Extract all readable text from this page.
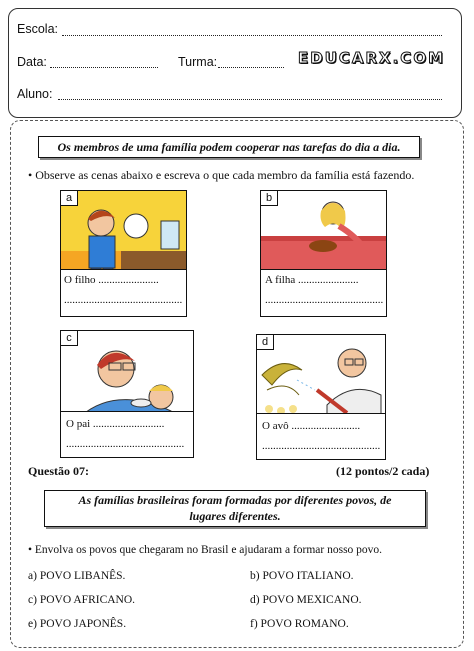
Escola:
Data:	Turma:	EDUCARX.COM
Aluno:
Os membros de uma família podem cooperar nas tarefas do dia a dia.
• Observe as cenas abaixo e escreva o que cada membro da família está fazendo.
a
O filho ......................
...........................................
b
A filha ......................
...........................................
c
O pai ..........................
...........................................
d
O avô .........................
...........................................
Questão 07:	(12 pontos/2 cada)
As famílias brasileiras foram formadas por diferentes povos, de
lugares diferentes.
• Envolva os povos que chegaram no Brasil e ajudaram a formar nosso povo.
a) POVO LIBANÊS.	b) POVO ITALIANO.
c) POVO AFRICANO.	d) POVO MEXICANO.
e) POVO JAPONÊS.	f) POVO ROMANO.
